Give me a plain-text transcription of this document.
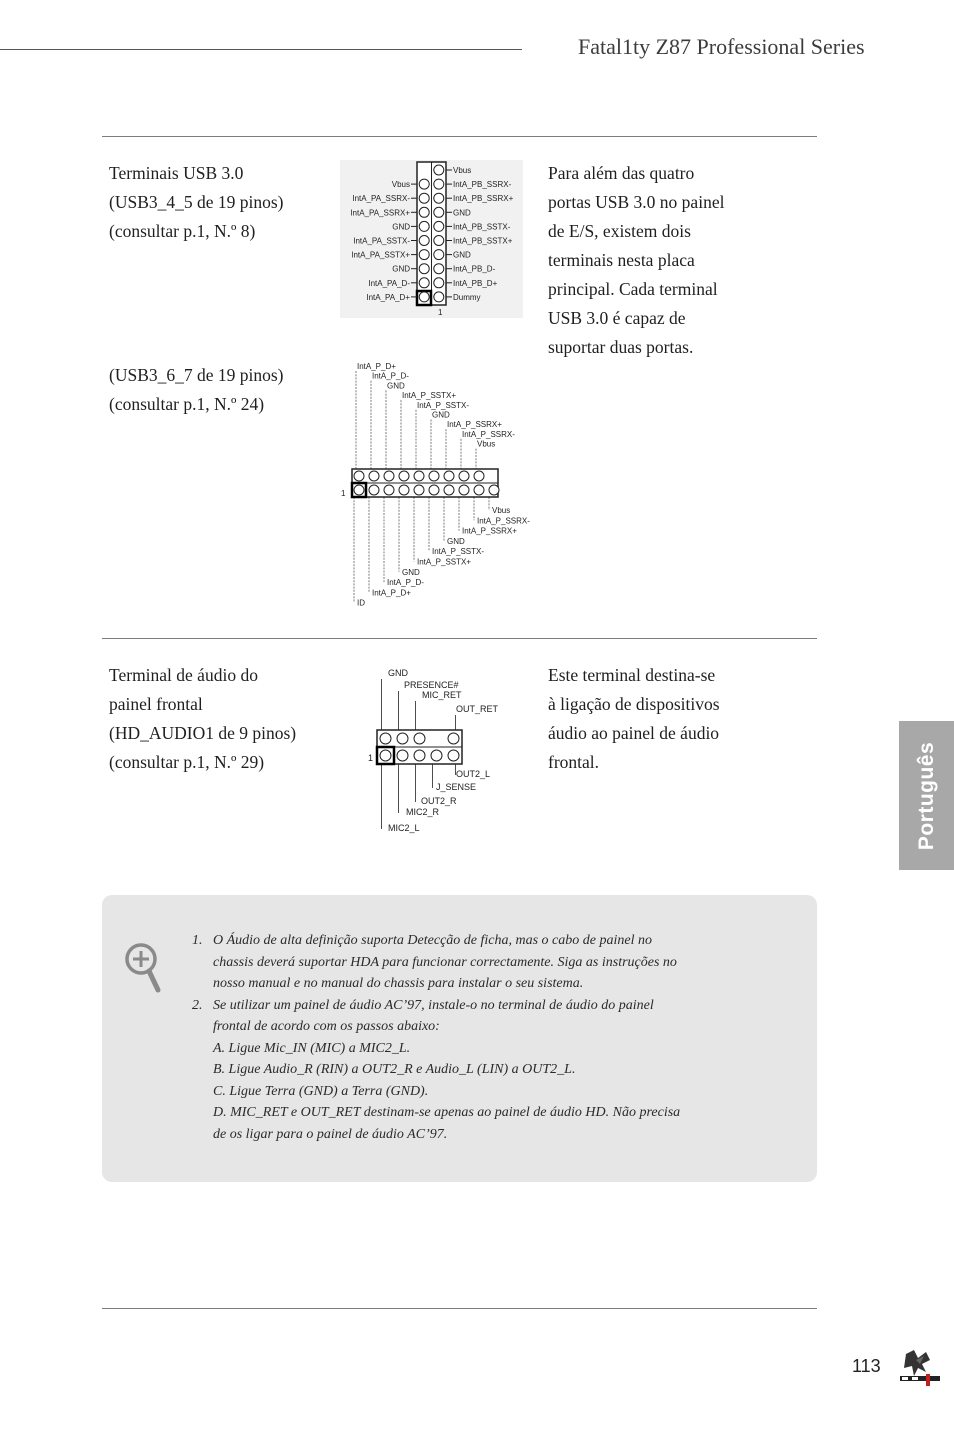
Fatal1ty Z87 Professional Series
Terminais USB 3.0
(USB3_4_5 de 19 pinos)
(consultar p.1, N.º 8)
(USB3_6_7 de 19 pinos)
(consultar p.1, N.º 24)
Para além das quatro
portas USB 3.0 no painel
de E/S, existem dois
terminais nesta placa
principal. Cada terminal
USB 3.0 é capaz de
suportar duas portas.
Vbus
IntA_PA_SSRX-
IntA_PA_SSRX+
GND
IntA_PA_SSTX-
IntA_PA_SSTX+
GND
IntA_PA_D-
IntA_PA_D+
Vbus
IntA_PB_SSRX-
IntA_PB_SSRX+
GND
IntA_PB_SSTX-
IntA_PB_SSTX+
GND
IntA_PB_D-
IntA_PB_D+
Dummy
1
IntA_P_D+
IntA_P_D-
GND
IntA_P_SSTX+
IntA_P_SSTX-
GND
IntA_P_SSRX+
IntA_P_SSRX-
Vbus
Vbus
IntA_P_SSRX-
IntA_P_SSRX+
GND
IntA_P_SSTX-
IntA_P_SSTX+
GND
IntA_P_D-
IntA_P_D+
ID
1
Terminal de áudio do
painel frontal
(HD_AUDIO1 de 9 pinos)
(consultar p.1, N.º 29)
Este terminal destina-se
à ligação de dispositivos
áudio ao painel de áudio
frontal.
GND
PRESENCE#
MIC_RET
OUT_RET
OUT2_L
J_SENSE
OUT2_R
MIC2_R
MIC2_L
1
1. O Áudio de alta definição suporta Detecção de ficha, mas o cabo de painel no
chassis deverá suportar HDA para funcionar correctamente. Siga as instruções no
nosso manual e no manual do chassis para instalar o seu sistema.
2. Se utilizar um painel de áudio AC’97, instale-o no terminal de áudio do painel
frontal de acordo com os passos abaixo:
A. Ligue Mic_IN (MIC) a MIC2_L.
B. Ligue Audio_R (RIN) a OUT2_R e Audio_L (LIN) a OUT2_L.
C. Ligue Terra (GND) a Terra (GND).
D. MIC_RET e OUT_RET destinam-se apenas ao painel de áudio HD. Não precisa
de os ligar para o painel de áudio AC’97.
Português
113
